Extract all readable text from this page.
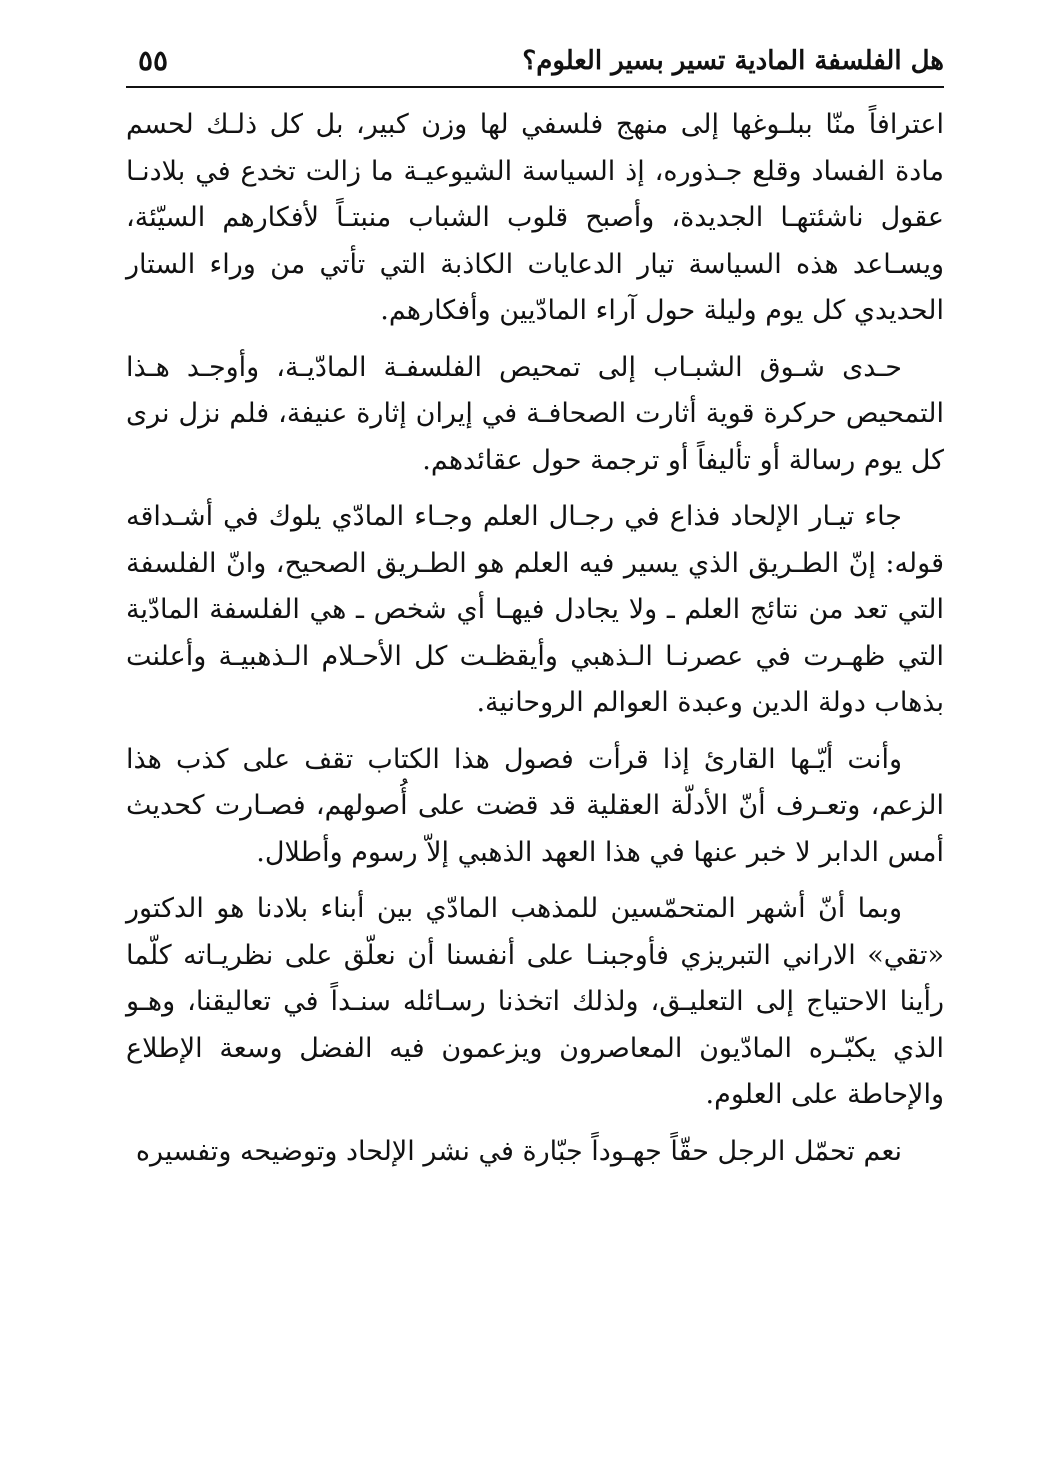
هل الفلسفة المادية تسير بسير العلوم؟
٥٥

اعترافاً منّا ببلـوغها إلى منهج فلسفي لها وزن كبير، بل كل ذلـك لحسم مادة الفساد وقلع جـذوره، إذ السياسة الشيوعيـة ما زالت تخدع في بلادنـا عقول ناشئتهـا الجديدة، وأصبح قلوب الشباب منبتـاً لأفكارهم السيّئة، ويسـاعد هذه السياسة تيار الدعايات الكاذبة التي تأتي من وراء الستار الحديدي كل يوم وليلة حول آراء المادّيين وأفكارهم.

حـدى شـوق الشبـاب إلى تمحيص الفلسفـة المادّيـة، وأوجـد هـذا التمحيص حركرة قوية أثارت الصحافـة في إيران إثارة عنيفة، فلم نزل نرى كل يوم رسالة أو تأليفاً أو ترجمة حول عقائدهم.

جاء تيـار الإلحاد فذاع في رجـال العلم وجـاء المادّي يلوك في أشـداقه قوله: إنّ الطـريق الذي يسير فيه العلم هو الطـريق الصحيح، وانّ الفلسفة التي تعد من نتائج العلم ـ ولا يجادل فيهـا أي شخص ـ هي الفلسفة المادّية التي ظهـرت في عصرنـا الـذهبي وأيقظـت كل الأحـلام الـذهبيـة وأعلنت بذهاب دولة الدين وعبدة العوالم الروحانية.

وأنت أيّـها القارئ إذا قرأت فصول هذا الكتاب تقف على كذب هذا الزعم، وتعـرف أنّ الأدلّة العقلية قد قضت على أُصولهم، فصـارت كحديث أمس الدابر لا خبر عنها في هذا العهد الذهبي إلاّ رسوم وأطلال.

وبما أنّ أشهر المتحمّسين للمذهب المادّي بين أبناء بلادنا هو الدكتور «تقي» الاراني التبريزي فأوجبنـا على أنفسنا أن نعلّق على نظريـاته كلّما رأينا الاحتياج إلى التعليـق، ولذلك اتخذنا رسـائله سنـداً في تعاليقنا، وهـو الذي يكبّـره المادّيون المعاصرون ويزعمون فيه الفضل وسعة الإطلاع والإحاطة على العلوم.

نعم تحمّل الرجل حقّاً جهـوداً جبّارة في نشر الإلحاد وتوضيحه وتفسيره
